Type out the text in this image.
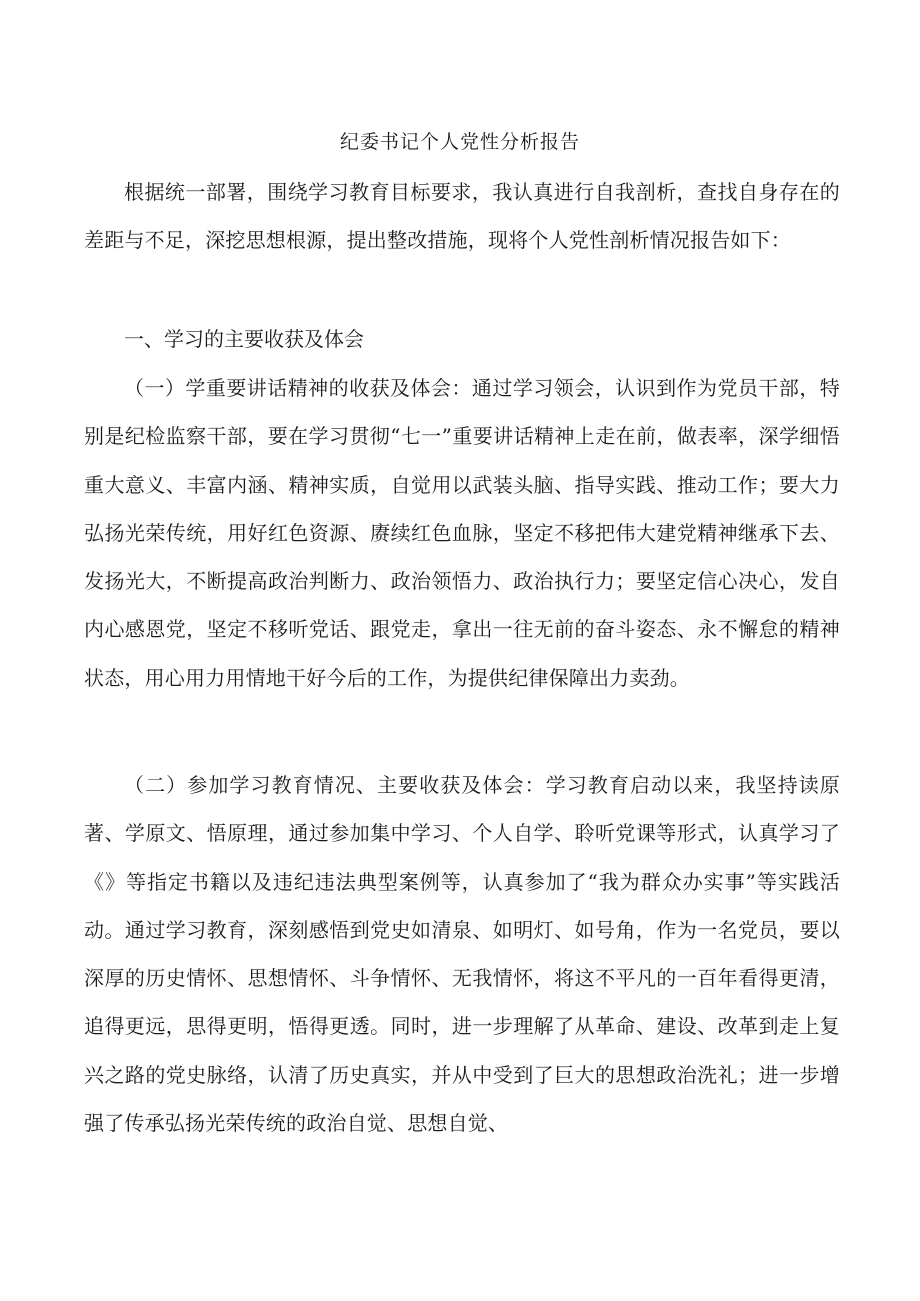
纪委书记个人党性分析报告

根据统一部署，围绕学习教育目标要求，我认真进行自我剖析，查找自身存在的差距与不足，深挖思想根源，提出整改措施，现将个人党性剖析情况报告如下：

一、学习的主要收获及体会

（一）学重要讲话精神的收获及体会：通过学习领会，认识到作为党员干部，特别是纪检监察干部，要在学习贯彻“七一”重要讲话精神上走在前，做表率，深学细悟重大意义、丰富内涵、精神实质，自觉用以武装头脑、指导实践、推动工作；要大力弘扬光荣传统，用好红色资源、赓续红色血脉，坚定不移把伟大建党精神继承下去、发扬光大，不断提高政治判断力、政治领悟力、政治执行力；要坚定信心决心，发自内心感恩党，坚定不移听党话、跟党走，拿出一往无前的奋斗姿态、永不懈怠的精神状态，用心用力用情地干好今后的工作，为提供纪律保障出力卖劲。

（二）参加学习教育情况、主要收获及体会：学习教育启动以来，我坚持读原著、学原文、悟原理，通过参加集中学习、个人自学、聆听党课等形式，认真学习了《》等指定书籍以及违纪违法典型案例等，认真参加了“我为群众办实事”等实践活动。通过学习教育，深刻感悟到党史如清泉、如明灯、如号角，作为一名党员，要以深厚的历史情怀、思想情怀、斗争情怀、无我情怀，将这不平凡的一百年看得更清，追得更远，思得更明，悟得更透。同时，进一步理解了从革命、建设、改革到走上复兴之路的党史脉络，认清了历史真实，并从中受到了巨大的思想政治洗礼；进一步增强了传承弘扬光荣传统的政治自觉、思想自觉、
